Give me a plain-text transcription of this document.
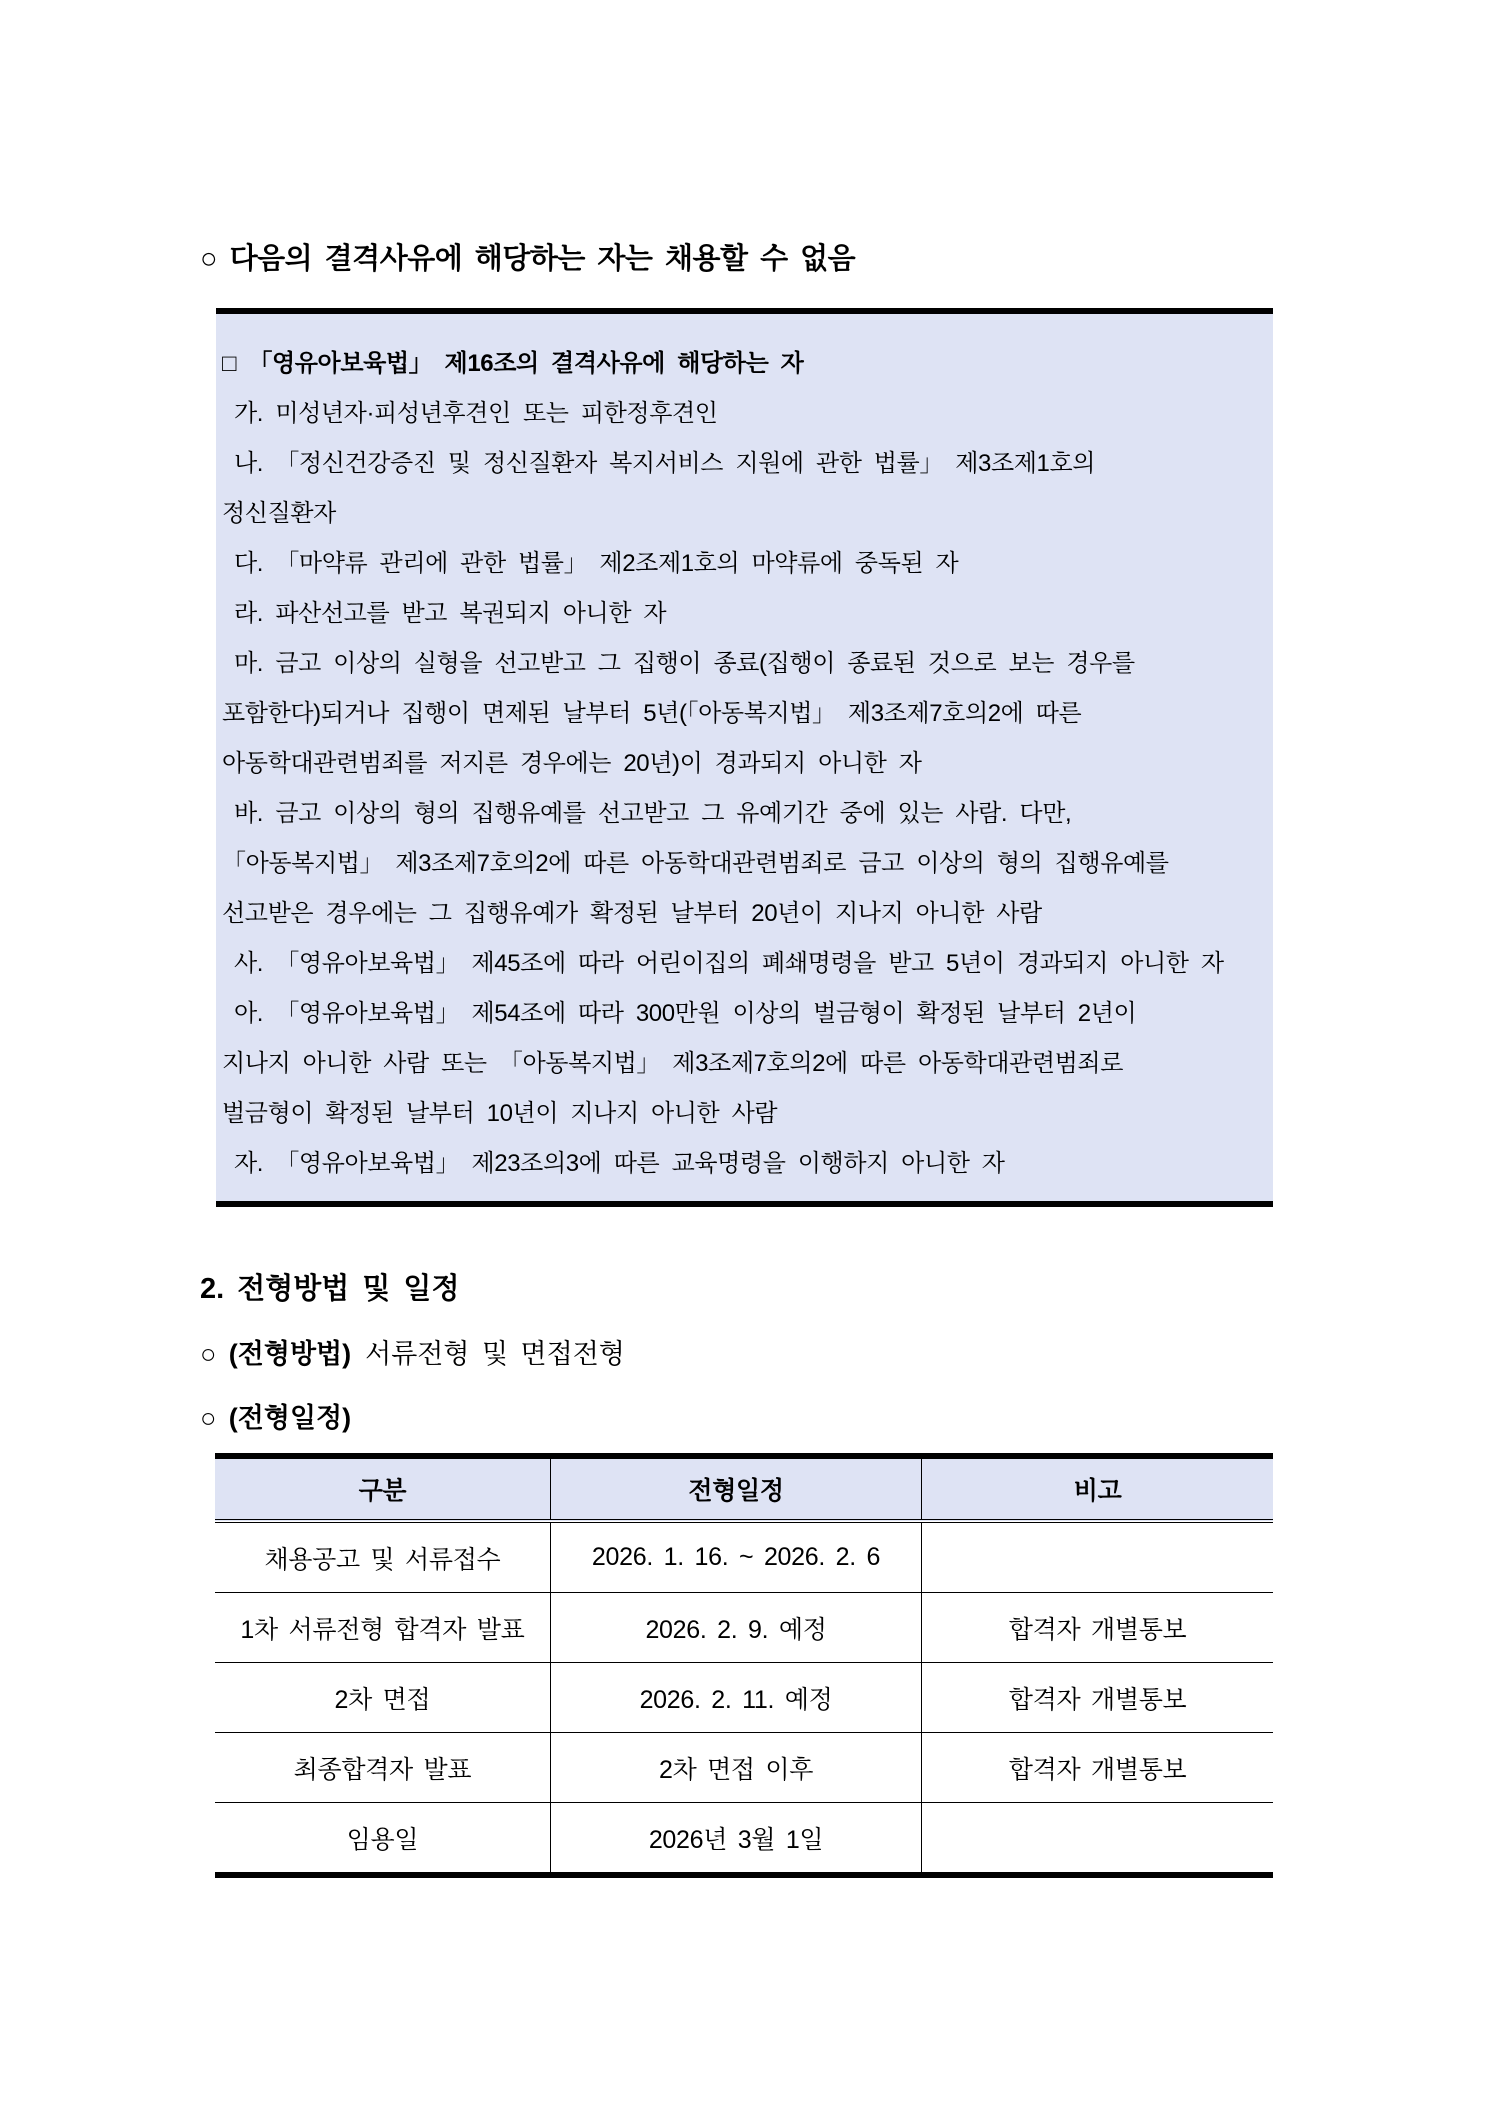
○ 다음의 결격사유에 해당하는 자는 채용할 수 없음
□ 「영유아보육법」 제16조의 결격사유에 해당하는 자
가. 미성년자·피성년후견인 또는 피한정후견인
나. 「정신건강증진 및 정신질환자 복지서비스 지원에 관한 법률」 제3조제1호의
정신질환자
다. 「마약류 관리에 관한 법률」 제2조제1호의 마약류에 중독된 자
라. 파산선고를 받고 복권되지 아니한 자
마. 금고 이상의 실형을 선고받고 그 집행이 종료(집행이 종료된 것으로 보는 경우를
포함한다)되거나 집행이 면제된 날부터 5년(「아동복지법」 제3조제7호의2에 따른
아동학대관련범죄를 저지른 경우에는 20년)이 경과되지 아니한 자
바. 금고 이상의 형의 집행유예를 선고받고 그 유예기간 중에 있는 사람. 다만,
「아동복지법」 제3조제7호의2에 따른 아동학대관련범죄로 금고 이상의 형의 집행유예를
선고받은 경우에는 그 집행유예가 확정된 날부터 20년이 지나지 아니한 사람
사. 「영유아보육법」 제45조에 따라 어린이집의 폐쇄명령을 받고 5년이 경과되지 아니한 자
아. 「영유아보육법」 제54조에 따라 300만원 이상의 벌금형이 확정된 날부터 2년이
지나지 아니한 사람 또는 「아동복지법」 제3조제7호의2에 따른 아동학대관련범죄로
벌금형이 확정된 날부터 10년이 지나지 아니한 사람
자. 「영유아보육법」 제23조의3에 따른 교육명령을 이행하지 아니한 자
2. 전형방법 및 일정
○ (전형방법) 서류전형 및 면접전형
○ (전형일정)
구분	전형일정	비고
채용공고 및 서류접수	2026. 1. 16. ~ 2026. 2. 6	
1차 서류전형 합격자 발표	2026. 2. 9. 예정	합격자 개별통보
2차 면접	2026. 2. 11. 예정	합격자 개별통보
최종합격자 발표	2차 면접 이후	합격자 개별통보
임용일	2026년 3월 1일	
